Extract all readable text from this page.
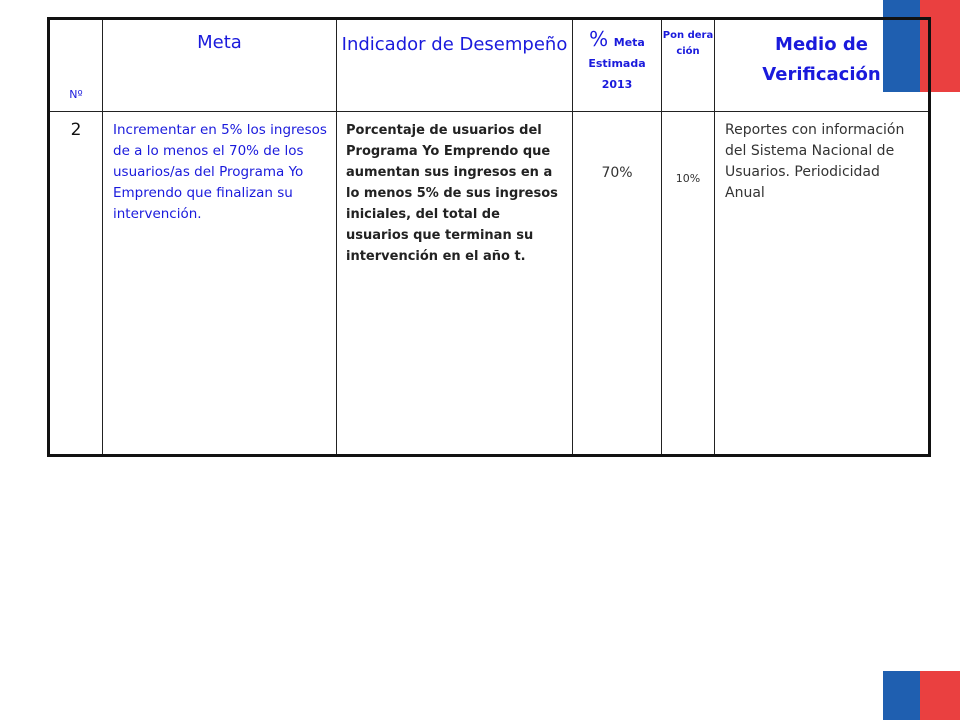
Nº	Meta	Indicador de Desempeño	% Meta Estimada 2013	Pon dera ción	Medio de Verificación
2	Incrementar en 5% los ingresos de a lo menos el 70% de los usuarios/as del Programa Yo Emprendo que finalizan su intervención.	Porcentaje de usuarios del Programa Yo Emprendo que aumentan sus ingresos en a lo menos 5% de sus ingresos iniciales, del total de usuarios que terminan su intervención en el año t.	70%	10%	Reportes con información del Sistema Nacional de Usuarios. Periodicidad Anual
